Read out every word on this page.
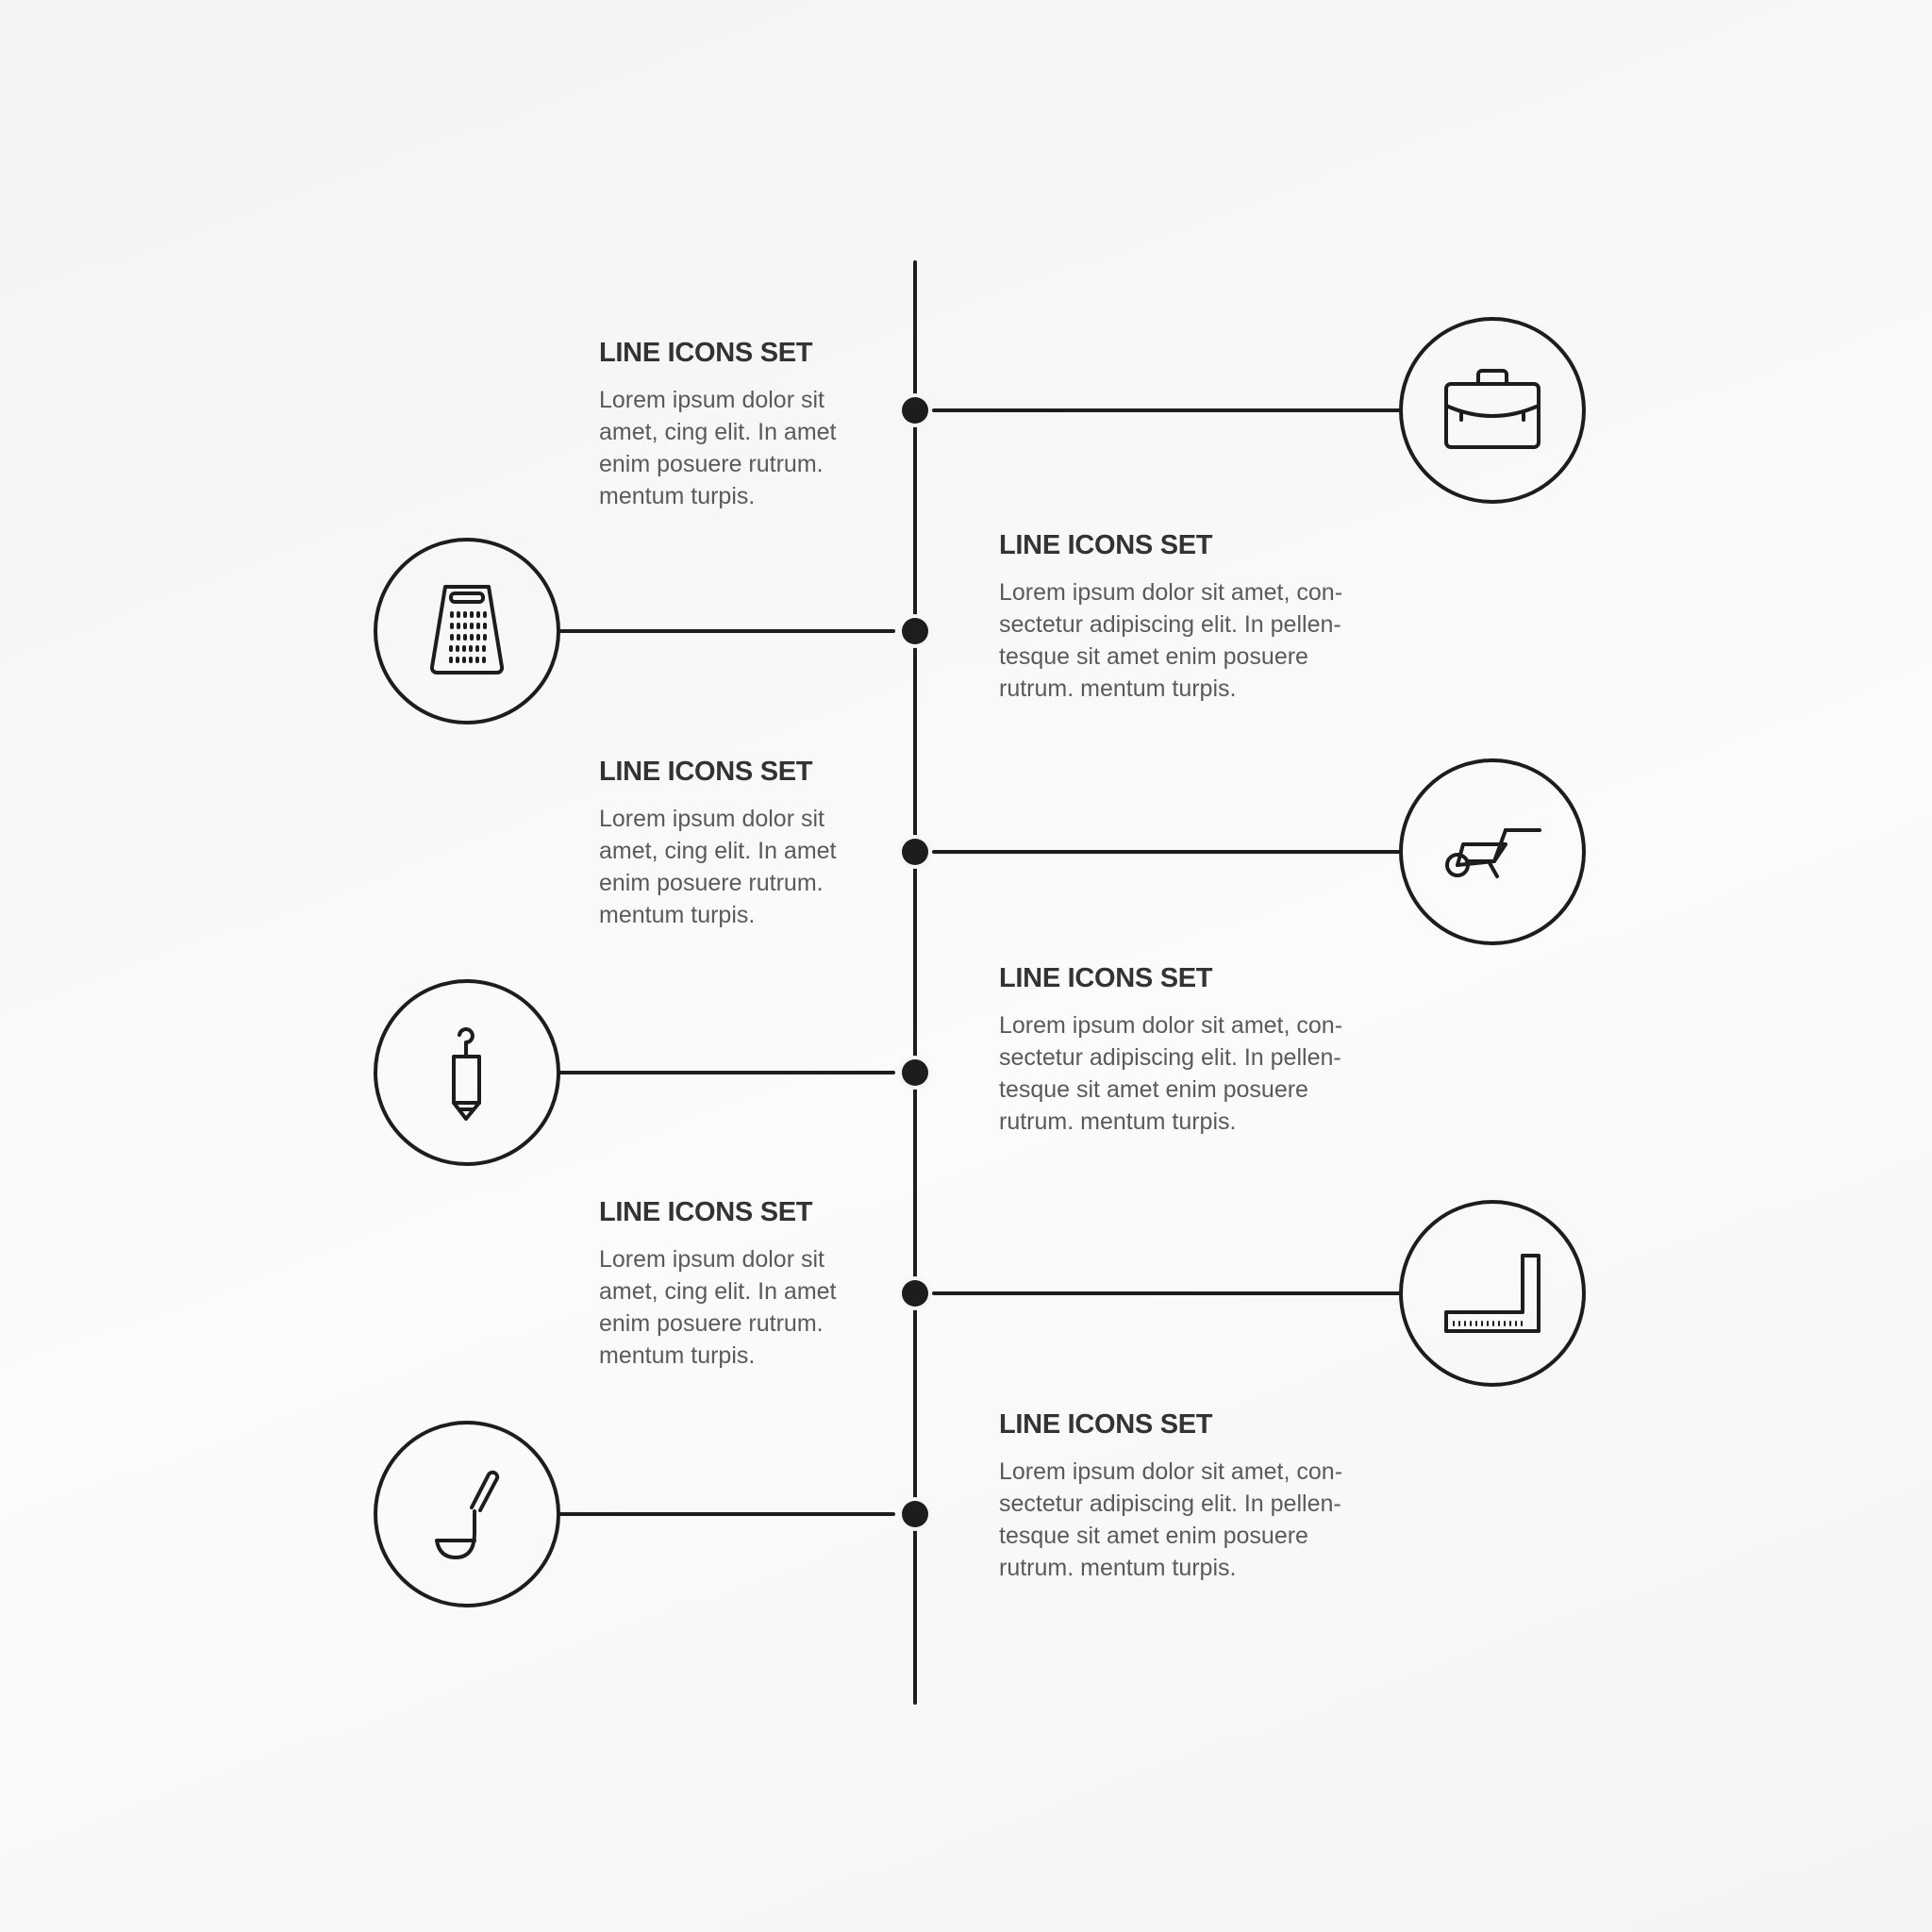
LINE ICONS SET
Lorem ipsum dolor sit
amet, cing elit. In amet
enim posuere rutrum.
mentum turpis.
LINE ICONS SET
Lorem ipsum dolor sit amet, con-
sectetur adipiscing elit. In pellen-
tesque sit amet enim posuere
rutrum. mentum turpis.
LINE ICONS SET
Lorem ipsum dolor sit
amet, cing elit. In amet
enim posuere rutrum.
mentum turpis.
LINE ICONS SET
Lorem ipsum dolor sit amet, con-
sectetur adipiscing elit. In pellen-
tesque sit amet enim posuere
rutrum. mentum turpis.
LINE ICONS SET
Lorem ipsum dolor sit
amet, cing elit. In amet
enim posuere rutrum.
mentum turpis.
LINE ICONS SET
Lorem ipsum dolor sit amet, con-
sectetur adipiscing elit. In pellen-
tesque sit amet enim posuere
rutrum. mentum turpis.
